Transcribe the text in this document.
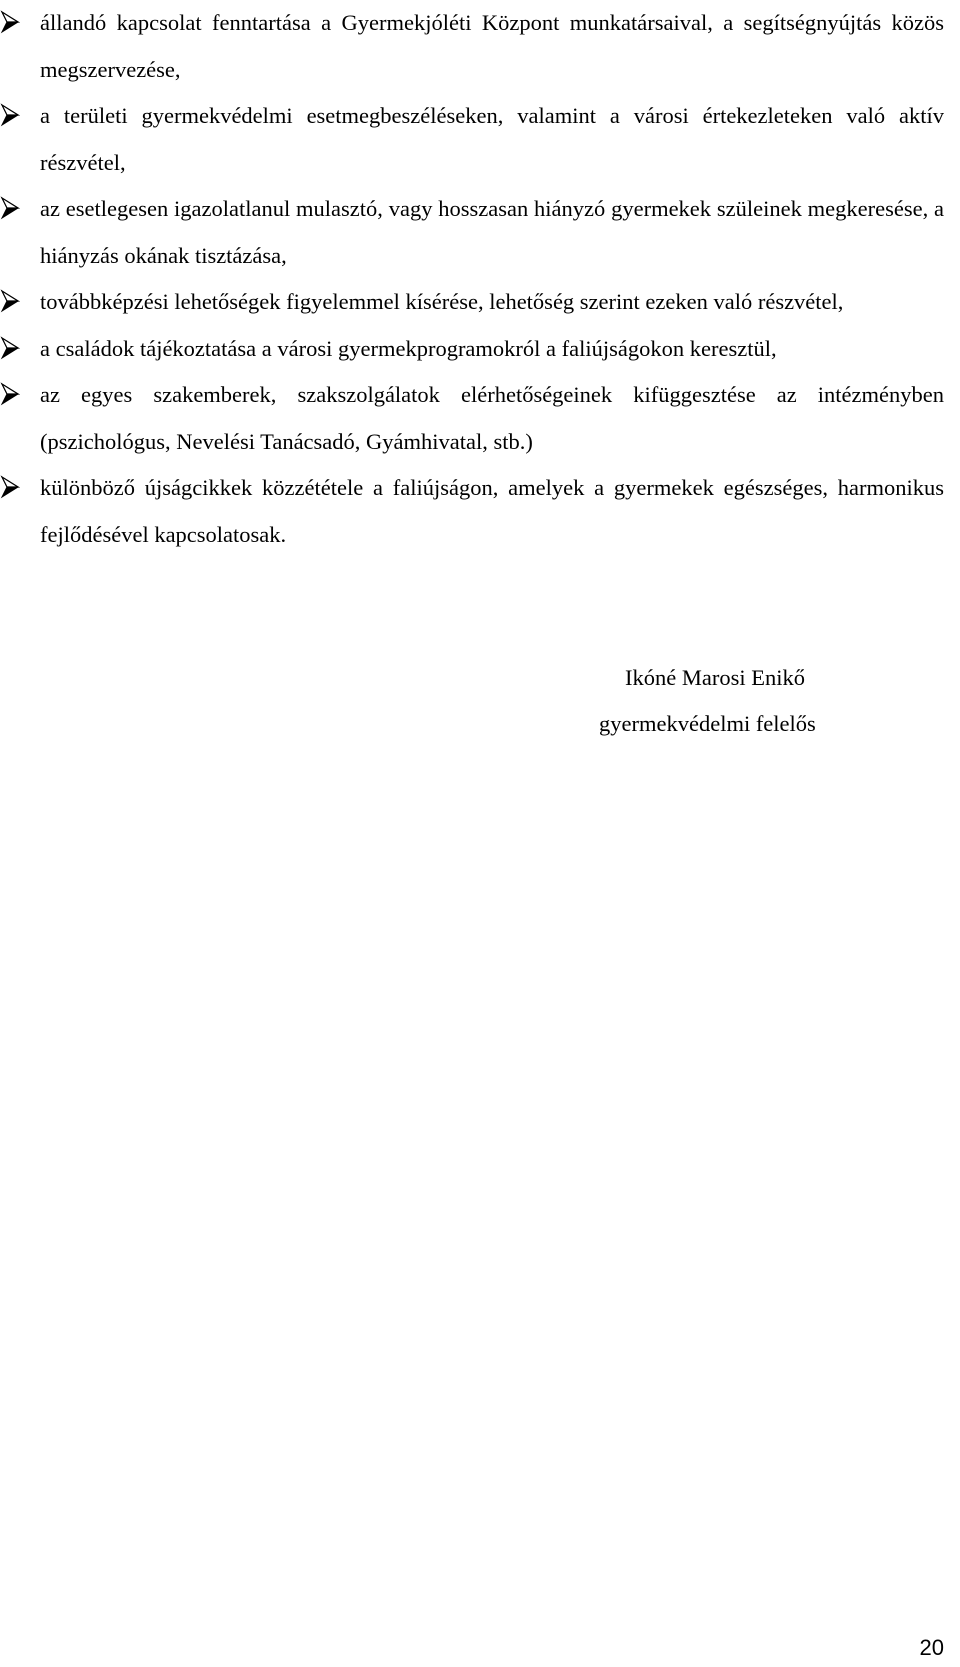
állandó kapcsolat fenntartása a Gyermekjóléti Központ munkatársaival, a segítségnyújtás közös megszervezése,
a területi gyermekvédelmi esetmegbeszéléseken, valamint a városi értekezleteken való aktív részvétel,
az esetlegesen igazolatlanul mulasztó, vagy hosszasan hiányzó gyermekek szüleinek megkeresése, a hiányzás okának tisztázása,
továbbképzési lehetőségek figyelemmel kísérése, lehetőség szerint ezeken való részvétel,
a családok tájékoztatása a városi gyermekprogramokról a faliújságokon keresztül,
az egyes szakemberek, szakszolgálatok elérhetőségeinek kifüggesztése az intézményben (pszichológus, Nevelési Tanácsadó, Gyámhivatal, stb.)
különböző újságcikkek közzététele a faliújságon, amelyek a gyermekek egészséges, harmonikus fejlődésével kapcsolatosak.
Ikóné Marosi Enikő
gyermekvédelmi felelős
20
